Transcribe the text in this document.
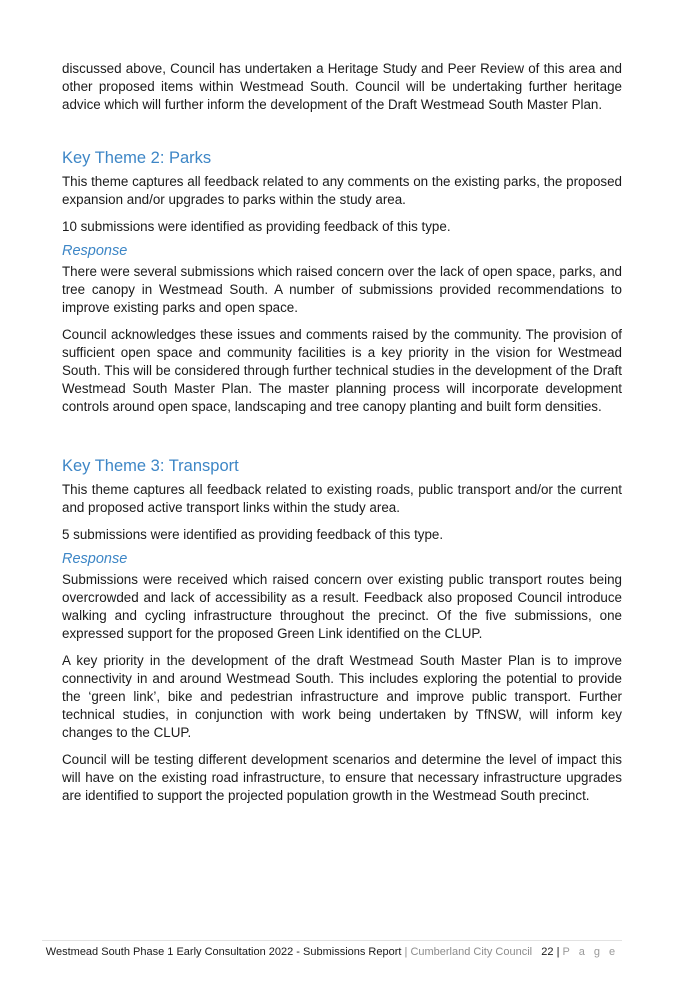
discussed above, Council has undertaken a Heritage Study and Peer Review of this area and other proposed items within Westmead South. Council will be undertaking further heritage advice which will further inform the development of the Draft Westmead South Master Plan.

Key Theme 2: Parks

This theme captures all feedback related to any comments on the existing parks, the proposed expansion and/or upgrades to parks within the study area.

10 submissions were identified as providing feedback of this type.

Response

There were several submissions which raised concern over the lack of open space, parks, and tree canopy in Westmead South. A number of submissions provided recommendations to improve existing parks and open space.

Council acknowledges these issues and comments raised by the community. The provision of sufficient open space and community facilities is a key priority in the vision for Westmead South. This will be considered through further technical studies in the development of the Draft Westmead South Master Plan. The master planning process will incorporate development controls around open space, landscaping and tree canopy planting and built form densities.

Key Theme 3: Transport

This theme captures all feedback related to existing roads, public transport and/or the current and proposed active transport links within the study area.

5 submissions were identified as providing feedback of this type.

Response

Submissions were received which raised concern over existing public transport routes being overcrowded and lack of accessibility as a result. Feedback also proposed Council introduce walking and cycling infrastructure throughout the precinct. Of the five submissions, one expressed support for the proposed Green Link identified on the CLUP.

A key priority in the development of the draft Westmead South Master Plan is to improve connectivity in and around Westmead South. This includes exploring the potential to provide the ‘green link’, bike and pedestrian infrastructure and improve public transport. Further technical studies, in conjunction with work being undertaken by TfNSW, will inform key changes to the CLUP.

Council will be testing different development scenarios and determine the level of impact this will have on the existing road infrastructure, to ensure that necessary infrastructure upgrades are identified to support the projected population growth in the Westmead South precinct.

Westmead South Phase 1 Early Consultation 2022 - Submissions Report | Cumberland City Council 22 | P a g e
